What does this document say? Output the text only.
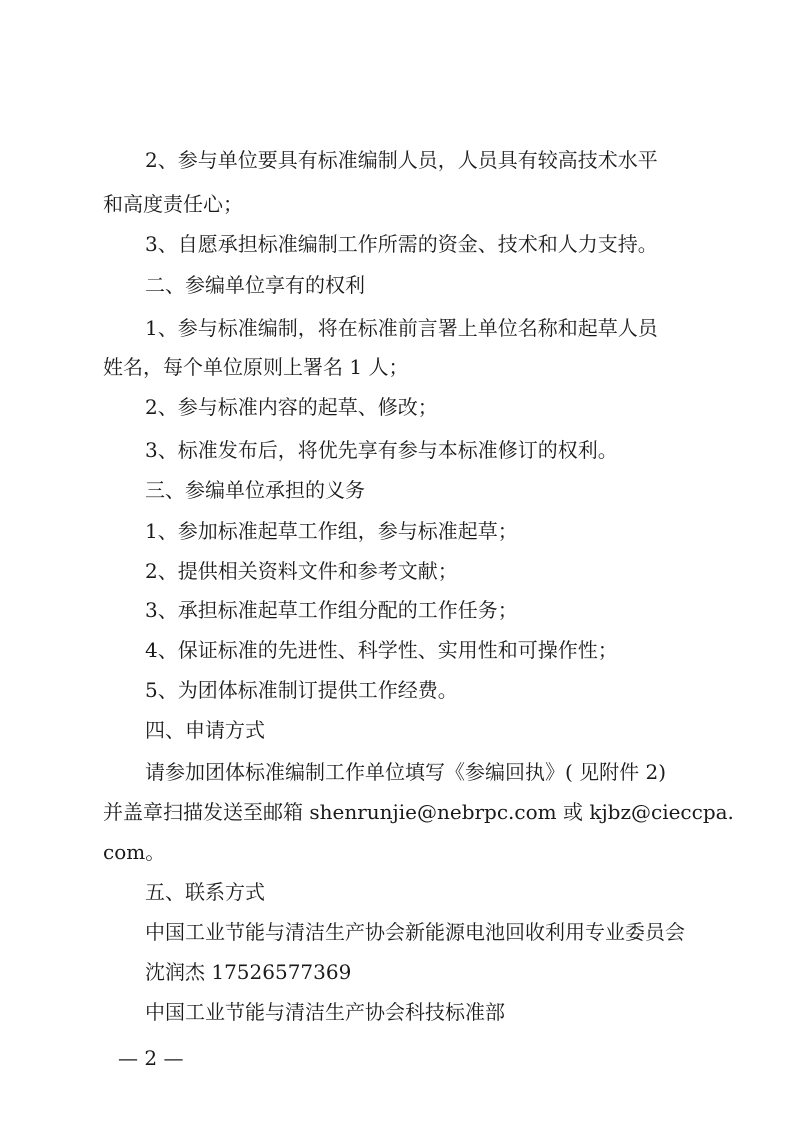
2、参与单位要具有标准编制人员，人员具有较高技术水平
和高度责任心；
3、自愿承担标准编制工作所需的资金、技术和人力支持。
二、参编单位享有的权利
1、参与标准编制，将在标准前言署上单位名称和起草人员
姓名，每个单位原则上署名 1 人；
2、参与标准内容的起草、修改；
3、标准发布后，将优先享有参与本标准修订的权利。
三、参编单位承担的义务
1、参加标准起草工作组，参与标准起草；
2、提供相关资料文件和参考文献；
3、承担标准起草工作组分配的工作任务；
4、保证标准的先进性、科学性、实用性和可操作性；
5、为团体标准制订提供工作经费。
四、申请方式
请参加团体标准编制工作单位填写《参编回执》( 见附件 2)
并盖章扫描发送至邮箱 shenrunjie@nebrpc.com 或 kjbz@cieccpa.
com。
五、联系方式
中国工业节能与清洁生产协会新能源电池回收利用专业委员会
沈润杰 17526577369
中国工业节能与清洁生产协会科技标准部
— 2 —
